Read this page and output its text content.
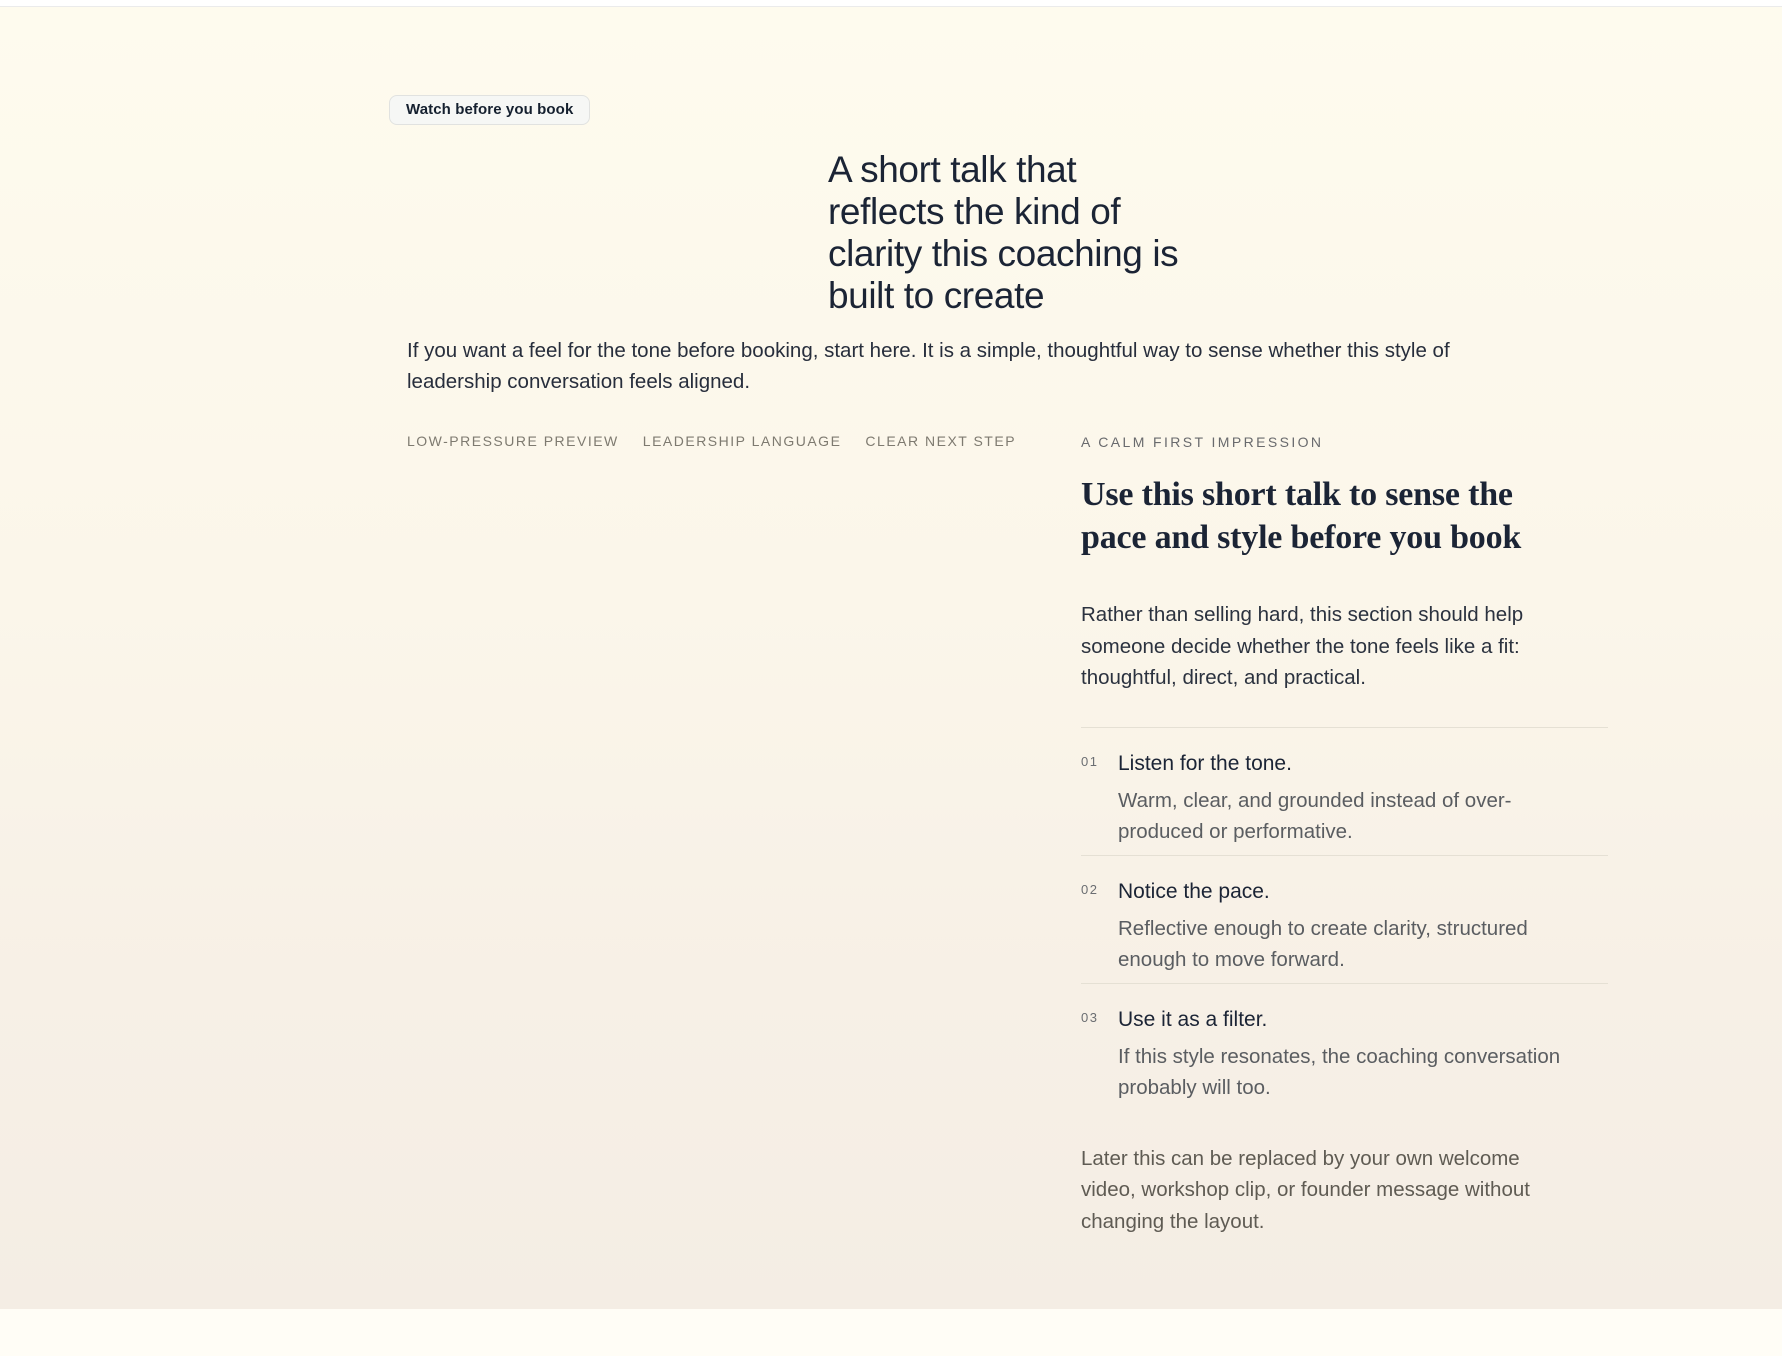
Watch before you book
A short talk that
reflects the kind of
clarity this coaching is
built to create

If you want a feel for the tone before booking, start here. It is a simple, thoughtful way to sense whether this style of
leadership conversation feels aligned.

LOW-PRESSURE PREVIEW LEADERSHIP LANGUAGE CLEAR NEXT STEP	A CALM FIRST IMPRESSION
Use this short talk to sense the
pace and style before you book

Rather than selling hard, this section should help
someone decide whether the tone feels like a fit:
thoughtful, direct, and practical.

01 Listen for the tone.
Warm, clear, and grounded instead of over-
produced or performative.
02 Notice the pace.
Reflective enough to create clarity, structured
enough to move forward.
03 Use it as a filter.
If this style resonates, the coaching conversation
probably will too.

Later this can be replaced by your own welcome
video, workshop clip, or founder message without
changing the layout.
